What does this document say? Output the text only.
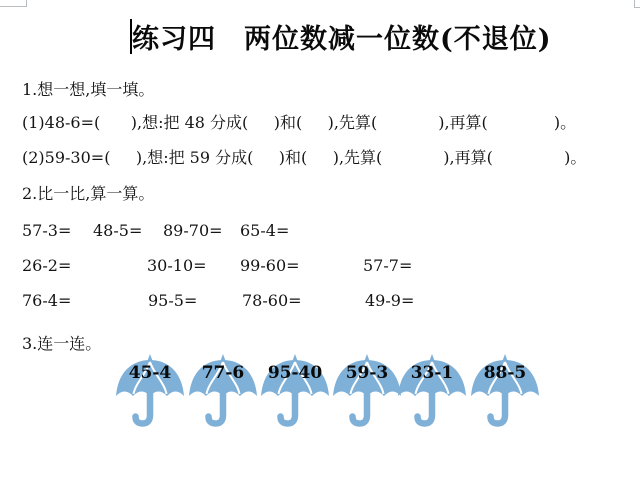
练习四　两位数减一位数(不退位)
1.想一想,填一填。
(1)48-6=(      ),想:把 48 分成(     )和(     ),先算(            ),再算(             )。
(2)59-30=(     ),想:把 59 分成(     )和(     ),先算(            ),再算(              )。
2.比一比,算一算。
57-3= 48-5= 89-70= 65-4=
26-2=	30-10= 99-60=	57-7=
76-4=	95-5=	78-60=	49-9=
3.连一连。
45-4	77-6	95-40	59-3	33-1	88-5
